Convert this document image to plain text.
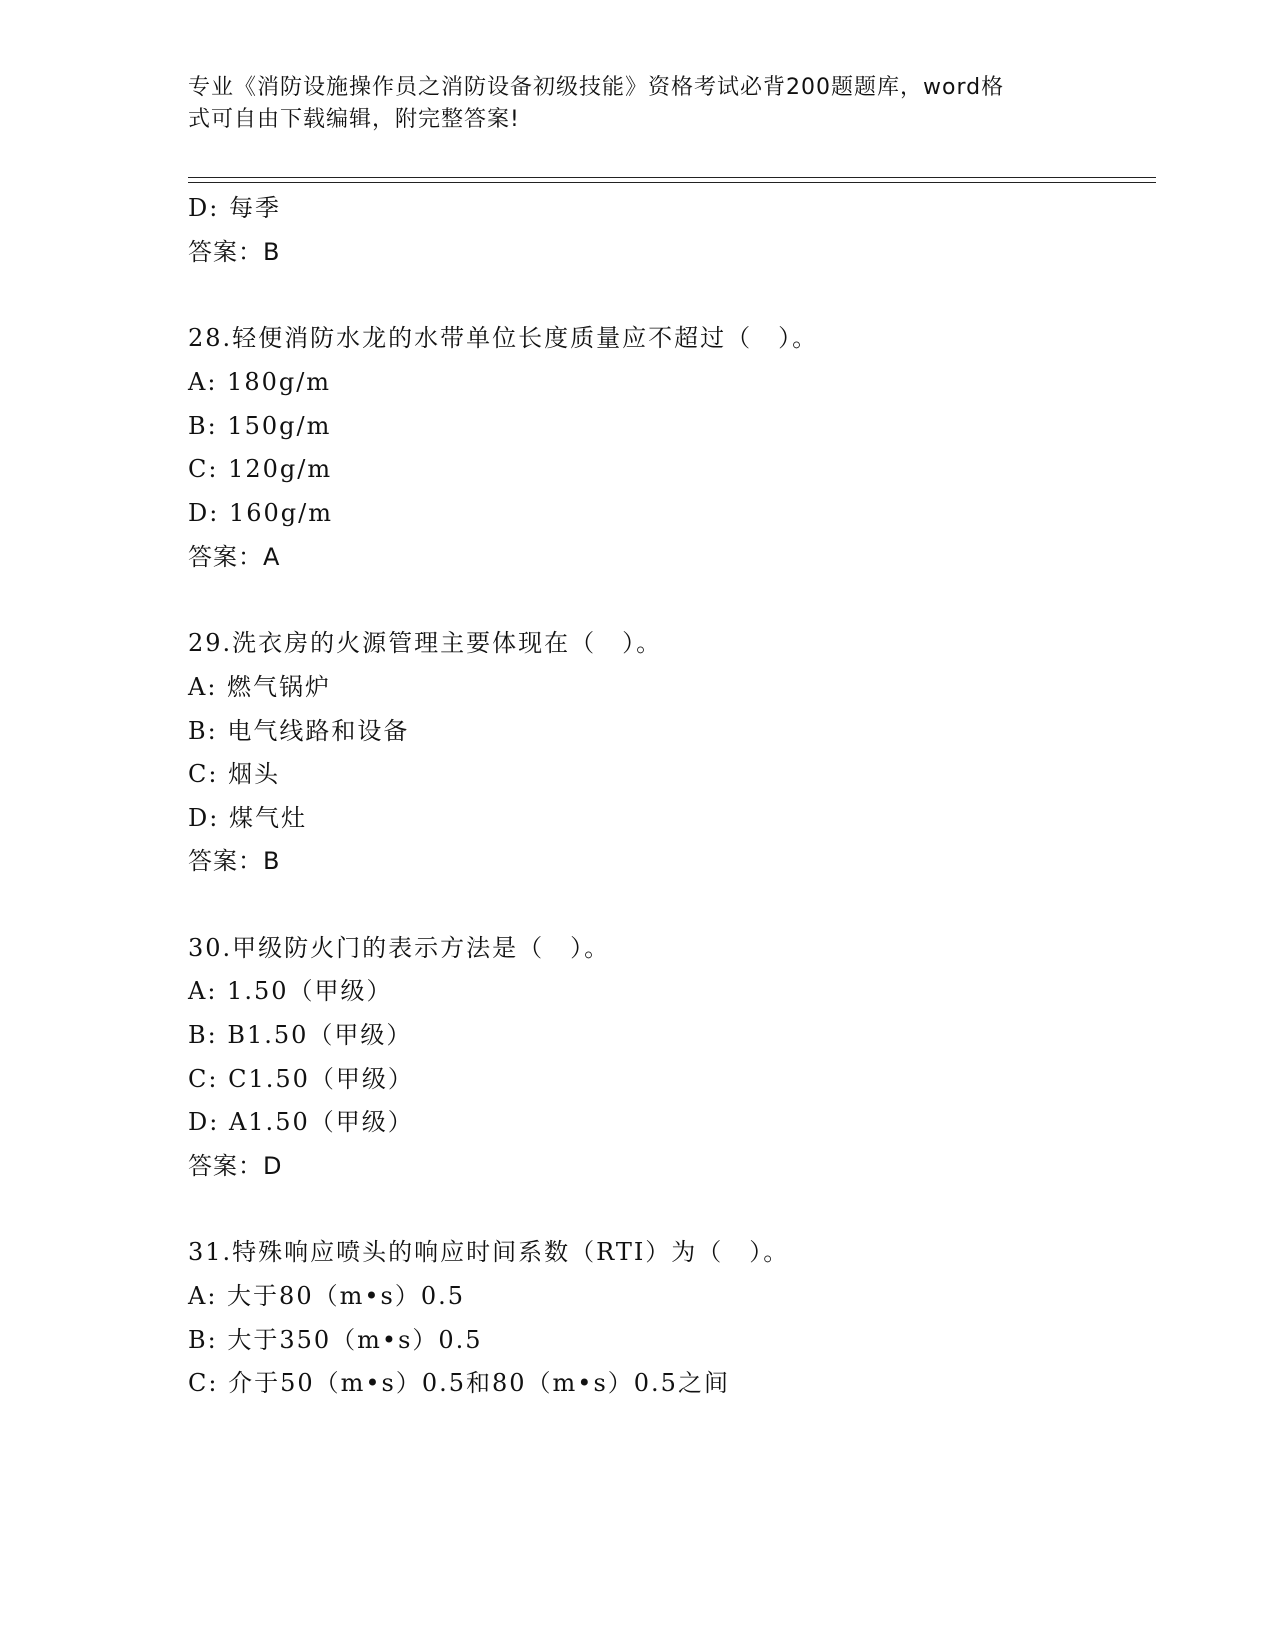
专业《消防设施操作员之消防设备初级技能》资格考试必背200题题库，word格
式可自由下载编辑，附完整答案!
D: 每季
答案：B
28.轻便消防水龙的水带单位长度质量应不超过（　）。
A: 180g/m
B: 150g/m
C: 120g/m
D: 160g/m
答案：A
29.洗衣房的火源管理主要体现在（　）。
A: 燃气锅炉
B: 电气线路和设备
C: 烟头
D: 煤气灶
答案：B
30.甲级防火门的表示方法是（　）。
A: 1.50（甲级）
B: B1.50（甲级）
C: C1.50（甲级）
D: A1.50（甲级）
答案：D
31.特殊响应喷头的响应时间系数（RTI）为（　）。
A: 大于80（m•s）0.5
B: 大于350（m•s）0.5
C: 介于50（m•s）0.5和80（m•s）0.5之间
